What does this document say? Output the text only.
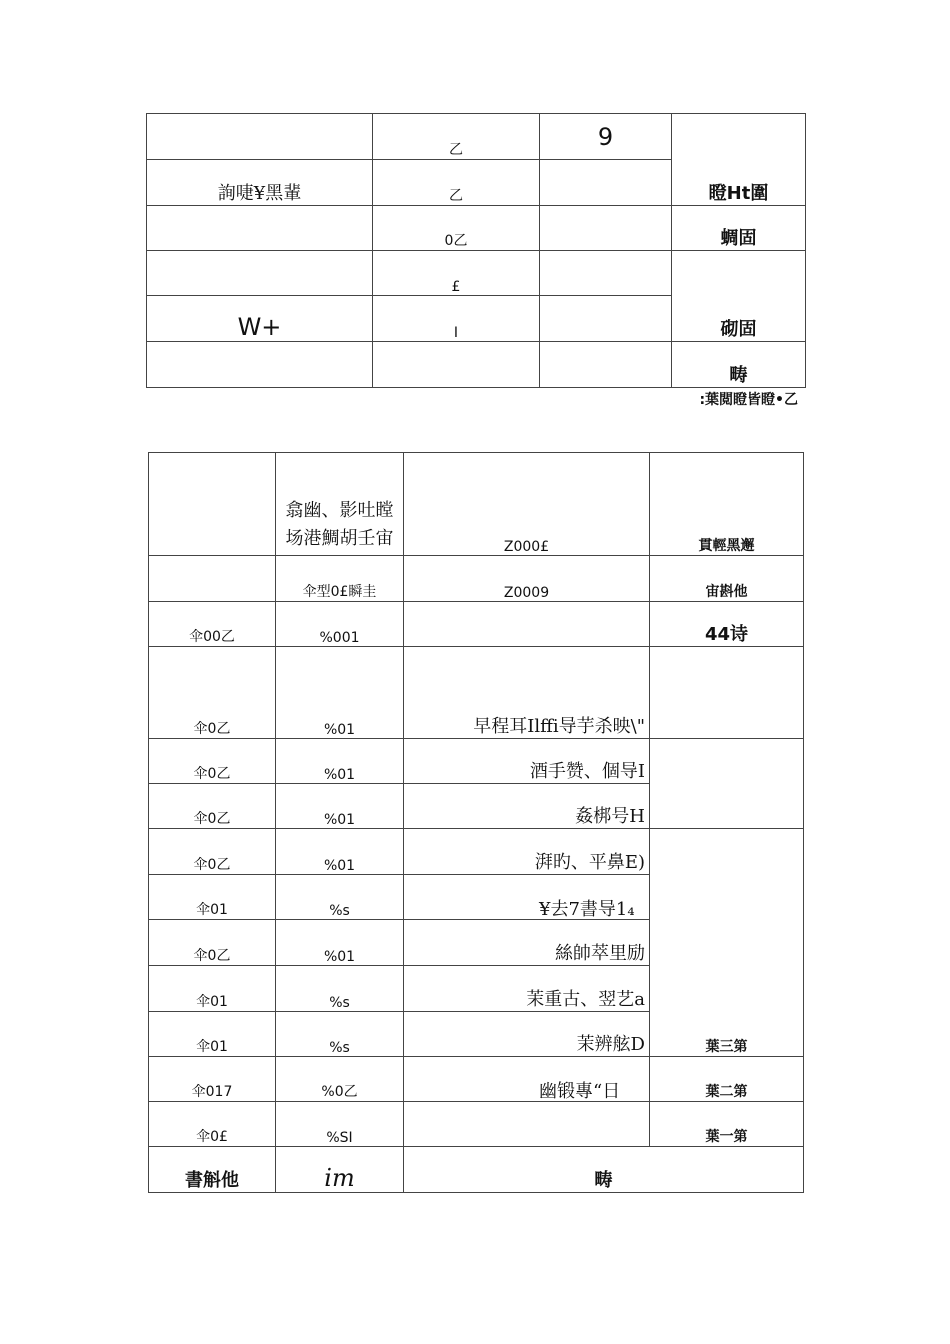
	乙	9	瞪Ht圍
詢啑¥黑輩	乙		
	0乙		蜩固
	£		砌固
W+	I		
			畴
:葉閲瞪皆瞪•乙
	翕幽、影吐瞠场港鯛胡壬宙	Z000£	貫輕黑邂
	伞型0£瞬圭	Z0009	宙斟他
伞00乙	%001		44诗
伞0乙	%01	早程耳Ilffi导芋杀映\"	
伞0乙	%01	酒手赞、個导I	
伞0乙	%01	姦梆号H	
伞0乙	%01	湃旳、平鼻E)	葉三第
伞01	%s	¥去7書导1₄	
伞0乙	%01	絲帥萃里励	
伞01	%s	茉重古、翌艺a	
伞01	%s	茉辨舷D	
伞017	%0乙	幽锻專“日	葉二第
伞0£	%SI		葉一第
書斛他	im	畴	
